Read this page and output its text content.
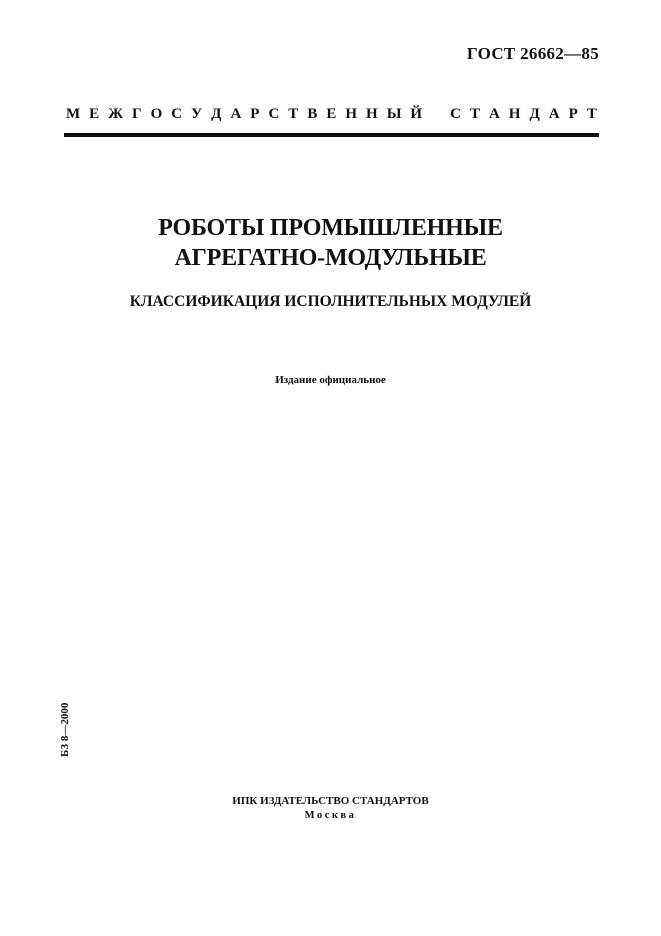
ГОСТ 26662—85
М Е Ж Г О С У Д А Р С Т В Е Н Н Ы Й С Т А Н Д А Р Т
РОБОТЫ ПРОМЫШЛЕННЫЕ
АГРЕГАТНО-МОДУЛЬНЫЕ
КЛАССИФИКАЦИЯ ИСПОЛНИТЕЛЬНЫХ МОДУЛЕЙ
Издание официальное
БЗ 8—2000
ИПК ИЗДАТЕЛЬСТВО СТАНДАРТОВ
Москва
